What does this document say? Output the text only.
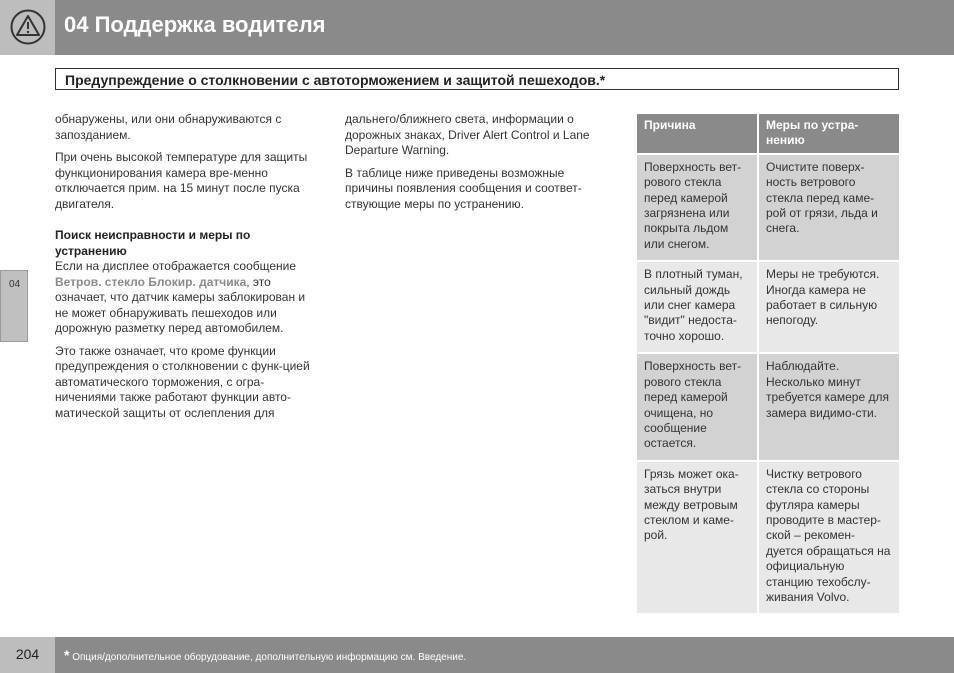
04 Поддержка водителя
Предупреждение о столкновении с автоторможением и защитой пешеходов.*
04

обнаружены, или они обнаруживаются с запозданием.

При очень высокой температуре для защиты функционирования камера вре-менно отключается прим. на 15 минут после пуска двигателя.

Поиск неисправности и меры по устранению

Если на дисплее отображается сообщение Ветров. стекло Блокир. датчика, это означает, что датчик камеры заблокирован и не может обнаруживать пешеходов или дорожную разметку перед автомобилем.

Это также означает, что кроме функции предупреждения о столкновении с функ-цией автоматического торможения, с огра-ничениями также работают функции авто-матической защиты от ослепления для

дальнего/ближнего света, информации о дорожных знаках, Driver Alert Control и Lane Departure Warning.

В таблице ниже приведены возможные причины появления сообщения и соответ-ствующие меры по устранению.

Причина	Меры по устра-нению
Поверхность вет-рового стекла перед камерой загрязнена или покрыта льдом или снегом.	Очистите поверх-ность ветрового стекла перед каме-рой от грязи, льда и снега.
В плотный туман, сильный дождь или снег камера "видит" недоста-точно хорошо.	Меры не требуются. Иногда камера не работает в сильную непогоду.
Поверхность вет-рового стекла перед камерой очищена, но сообщение остается.	Наблюдайте. Несколько минут требуется камере для замера видимо-сти.
Грязь может ока-заться внутри между ветровым стеклом и каме-рой.	Чистку ветрового стекла со стороны футляра камеры проводите в мастер-ской – рекомен-дуется обращаться на официальную станцию техобслу-живания Volvo.
204	* Опция/дополнительное оборудование, дополнительную информацию см. Введение.
